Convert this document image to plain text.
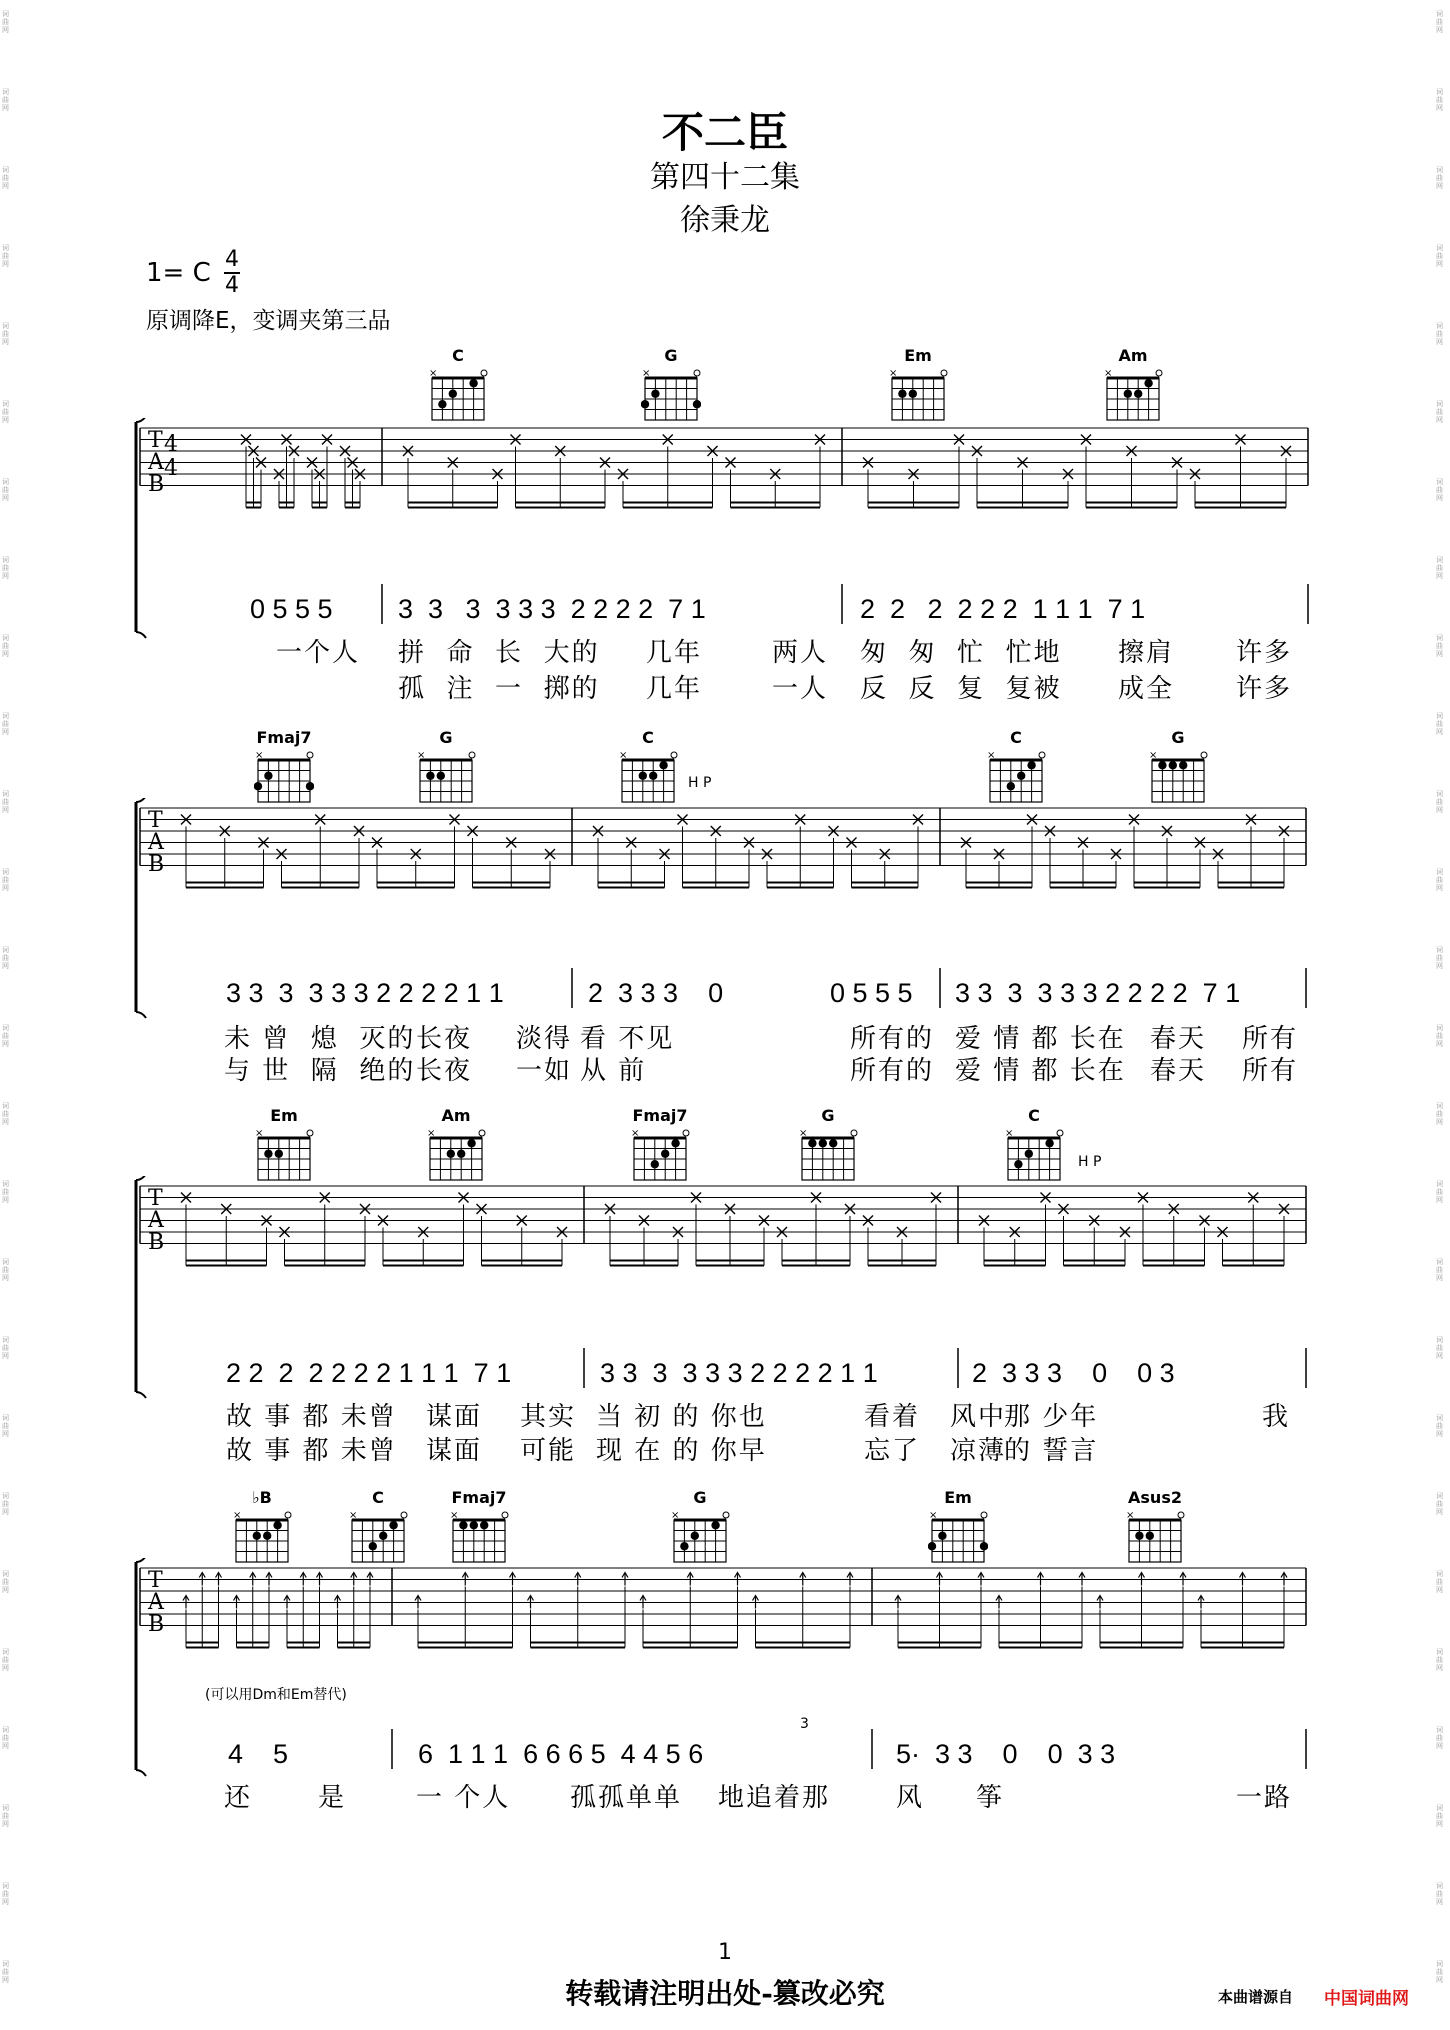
词曲网
词曲网
词曲网
词曲网
词曲网
词曲网
词曲网
词曲网
词曲网
词曲网
词曲网
词曲网
词曲网
词曲网
词曲网
词曲网
词曲网
词曲网
词曲网
词曲网
词曲网
词曲网
词曲网
词曲网
词曲网
词曲网
词曲网
词曲网
词曲网
词曲网
词曲网
词曲网
词曲网
词曲网
词曲网
词曲网
词曲网
词曲网
词曲网
词曲网
词曲网
词曲网
词曲网
词曲网
词曲网
词曲网
词曲网
词曲网
词曲网
词曲网
词曲网
词曲网
不二臣
第四十二集
徐秉龙
1= C 4
4
原调降E，变调夹第三品
C
×
G
×
Em
×
Am
×
T
A
B
4
4
0 5 5 5 3  3   3  3 3 3  2 2 2 2  7 1	2  2   2  2 2 2  1 1 1  7 1
一个人 拼  命  长  大的 几年	两人 匆  匆  忙  忙地 擦肩 许多
孤  注  一  掷的 几年	一人 反  反  复  复被 成全 许多
Fmaj7
×
G
×
C
×
C
×
G
×
T
A
B
H P
3 3  3  3 3 3 2 2 2 2 1 1	2  3 3 3    0	0 5 5 5 3 3  3  3 3 3 2 2 2 2  7 1
未 曾  熄  灭的 长夜 淡得 看 不见	所有的 爱 情 都 长在 春天 所有
与 世  隔  绝的 长夜 一如 从 前	所有的 爱 情 都 长在 春天 所有
Em
×
Am
×
Fmaj7
×
G
×
C
×
T
A
B
H P
2 2  2  2 2 2 2 1 1 1  7 1	3 3  3  3 3 3 2 2 2 2 1 1	2  3 3 3    0    0 3
故 事 都 未曾 谋面 其实 当 初 的 你也	看着 风中
那 少年	我
故 事 都 未曾 谋面 可能 现 在 的 你早	忘了 凉薄
的 誓言
♭B
×
C
×
Fmaj7
×
G
×
Em
×
Asus2
×
T
A
B
(可以用Dm和Em替代)
3
4    5	6  1 1 1  6 6 6 5  4 4 5 6	5·  3 3    0    0  3 3
还	是	一 个人 孤孤单单 地追着那	风 筝	一路
1
转载请注明出处-篡改必究	本曲谱源自 中国词曲网
